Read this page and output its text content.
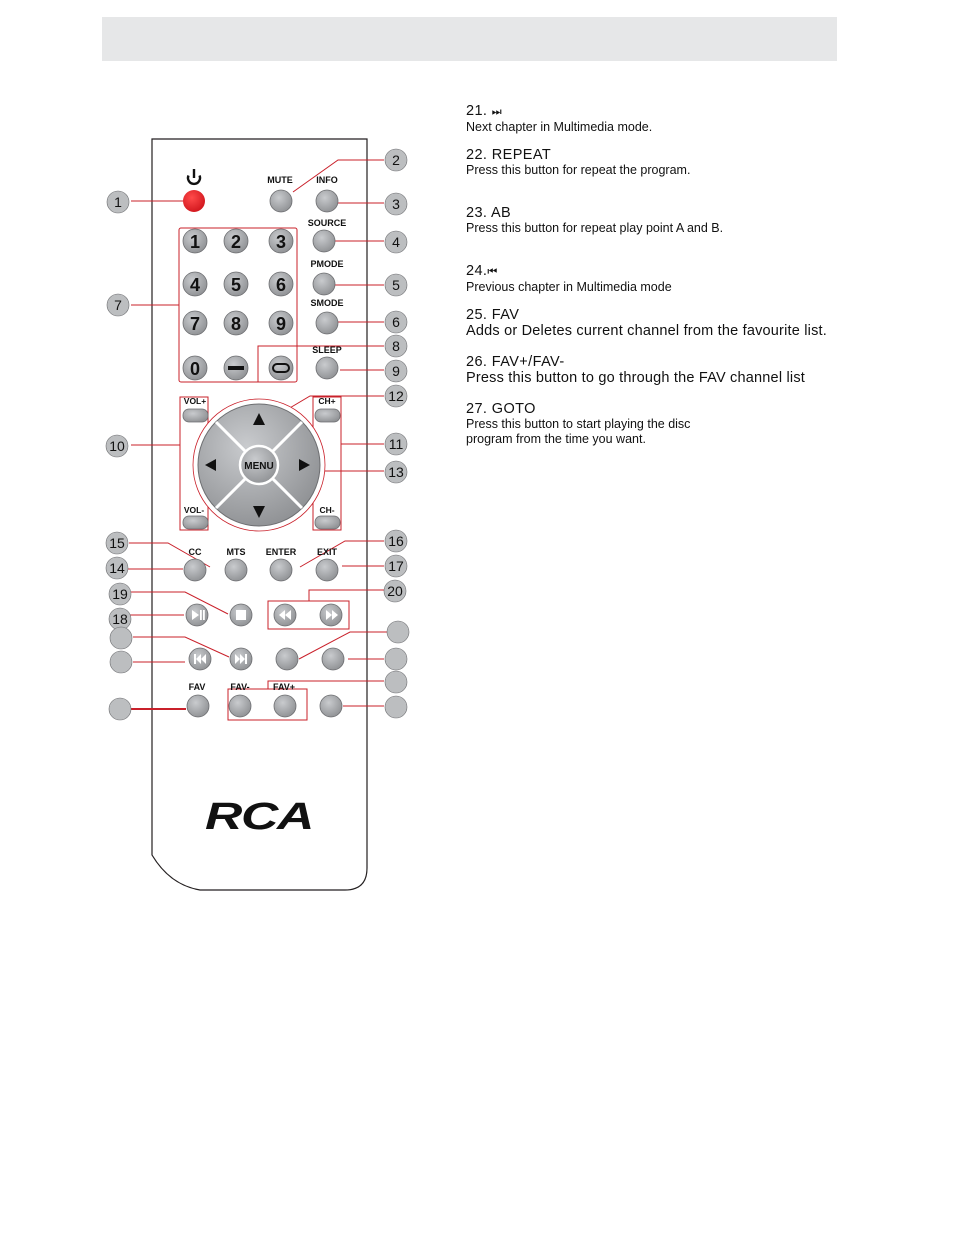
MUTE	INFO
SOURCE
PMODE
SMODE
SLEEP
VOL+	CH+
VOL-	CH-
CC	MTS ENTER EXIT
FAV	FAV-	FAV+
1 2 3
4 5 6
7 8 9
0
MENU
RCA
1
2
3
4
5
6
7
8
9
10	11
12
13
14
15	16
17
18
19	20
21. ⏭
Next chapter in Multimedia mode.
22. REPEAT
Press this button for repeat the program.
23. AB
Press this button for repeat play point A and B.
24.⏮
Previous chapter in Multimedia mode
25. FAV
Adds or Deletes current channel from the favourite list.
26. FAV+/FAV-
Press this button to go through the FAV channel list
27. GOTO
Press this button to start playing the disc
program from the time you want.
